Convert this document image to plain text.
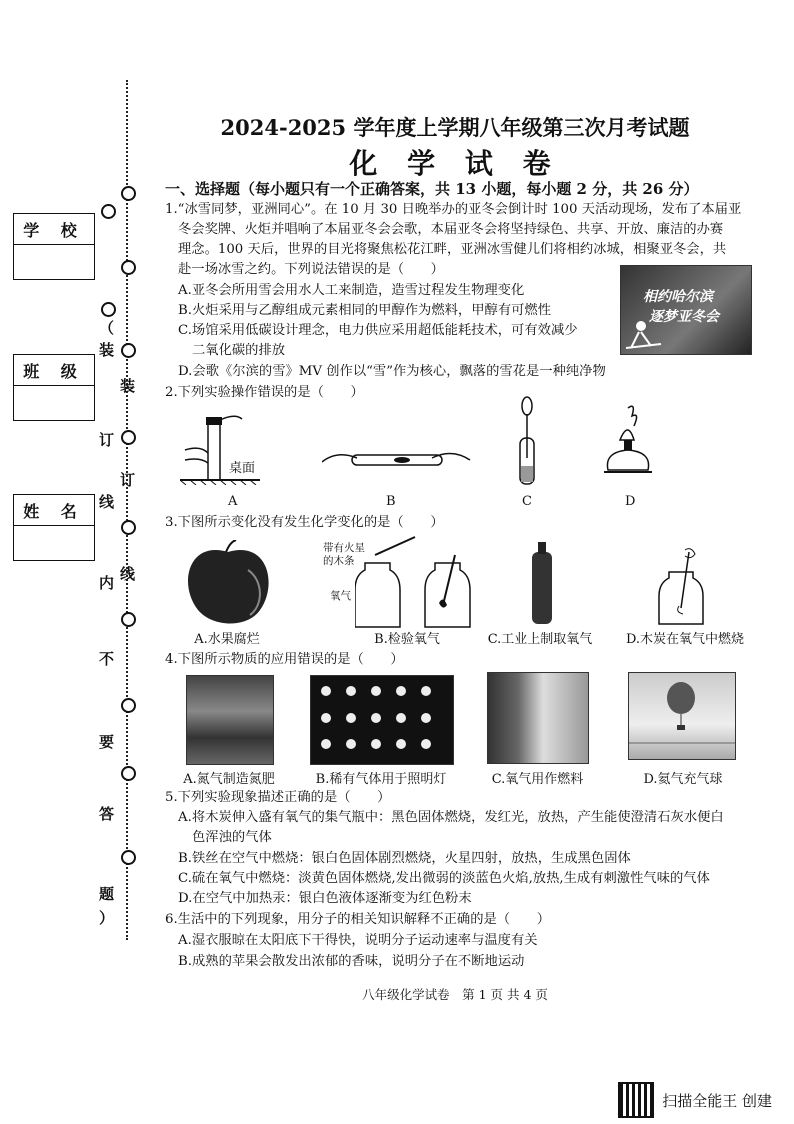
（
装
订
线
内
不
要
答
题
）
装
订
线
学 校
班 级
姓 名
2024-2025 学年度上学期八年级第三次月考试题
化 学 试 卷
一、选择题（每小题只有一个正确答案，共 13 小题，每小题 2 分，共 26 分）
1.“冰雪同梦，亚洲同心”。在 10 月 30 日晚举办的亚冬会倒计时 100 天活动现场，发布了本届亚
冬会奖牌、火炬并唱响了本届亚冬会会歌，本届亚冬会将坚持绿色、共享、开放、廉洁的办赛
理念。100 天后，世界的目光将聚焦松花江畔，亚洲冰雪健儿们将相约冰城，相聚亚冬会，共
赴一场冰雪之约。下列说法错误的是（　　）
A.亚冬会所用雪会用水人工来制造，造雪过程发生物理变化
B.火炬采用与乙醇组成元素相同的甲醇作为燃料，甲醇有可燃性
C.场馆采用低碳设计理念，电力供应采用超低能耗技术，可有效减少
二氧化碳的排放
D.会歌《尔滨的雪》MV 创作以“雪”作为核心，飘落的雪花是一种纯净物
相约哈尔滨
逐梦亚冬会
2.下列实验操作错误的是（　　）
桌面
A	B	C	D
3.下图所示变化没有发生化学变化的是（　　）
A.水果腐烂
带有火星
的木条
氧气
B.检验氧气	C.工业上制取氧气	D.木炭在氧气中燃烧
4.下图所示物质的应用错误的是（　　）
A.氮气制造氮肥	B.稀有气体用于照明灯	C.氧气用作燃料	D.氦气充气球
5.下列实验现象描述正确的是（　　）
A.将木炭伸入盛有氧气的集气瓶中：黑色固体燃烧，发红光，放热，产生能使澄清石灰水便白
色浑浊的气体
B.铁丝在空气中燃烧：银白色固体剧烈燃烧，火星四射，放热，生成黑色固体
C.硫在氧气中燃烧：淡黄色固体燃烧,发出微弱的淡蓝色火焰,放热,生成有刺激性气味的气体
D.在空气中加热汞：银白色液体逐渐变为红色粉末
6.生活中的下列现象，用分子的相关知识解释不正确的是（　　）
A.湿衣服晾在太阳底下干得快，说明分子运动速率与温度有关
B.成熟的苹果会散发出浓郁的香味，说明分子在不断地运动
八年级化学试卷　第 1 页 共 4 页
扫描全能王 创建
